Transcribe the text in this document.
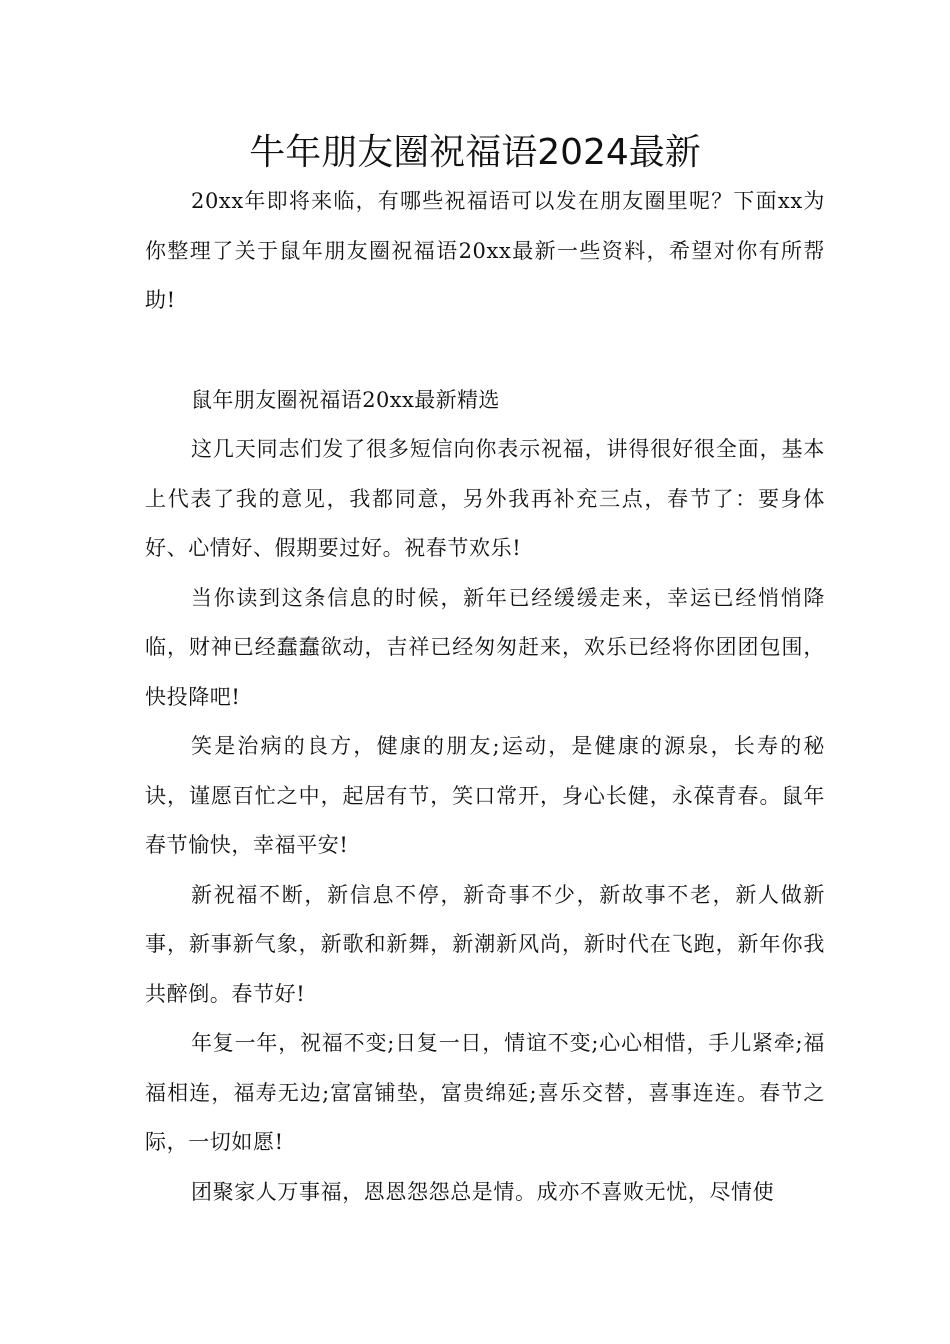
牛年朋友圈祝福语2024最新

20xx年即将来临，有哪些祝福语可以发在朋友圈里呢？下面xx为你整理了关于鼠年朋友圈祝福语20xx最新一些资料，希望对你有所帮助!

鼠年朋友圈祝福语20xx最新精选

这几天同志们发了很多短信向你表示祝福，讲得很好很全面，基本上代表了我的意见，我都同意，另外我再补充三点，春节了：要身体好、心情好、假期要过好。祝春节欢乐!

当你读到这条信息的时候，新年已经缓缓走来，幸运已经悄悄降临，财神已经蠢蠢欲动，吉祥已经匆匆赶来，欢乐已经将你团团包围，快投降吧!

笑是治病的良方，健康的朋友;运动，是健康的源泉，长寿的秘诀，谨愿百忙之中，起居有节，笑口常开，身心长健，永葆青春。鼠年春节愉快，幸福平安!

新祝福不断，新信息不停，新奇事不少，新故事不老，新人做新事，新事新气象，新歌和新舞，新潮新风尚，新时代在飞跑，新年你我共醉倒。春节好!

年复一年，祝福不变;日复一日，情谊不变;心心相惜，手儿紧牵;福福相连，福寿无边;富富铺垫，富贵绵延;喜乐交替，喜事连连。春节之际，一切如愿!

团聚家人万事福，恩恩怨怨总是情。成亦不喜败无忧，尽情使
